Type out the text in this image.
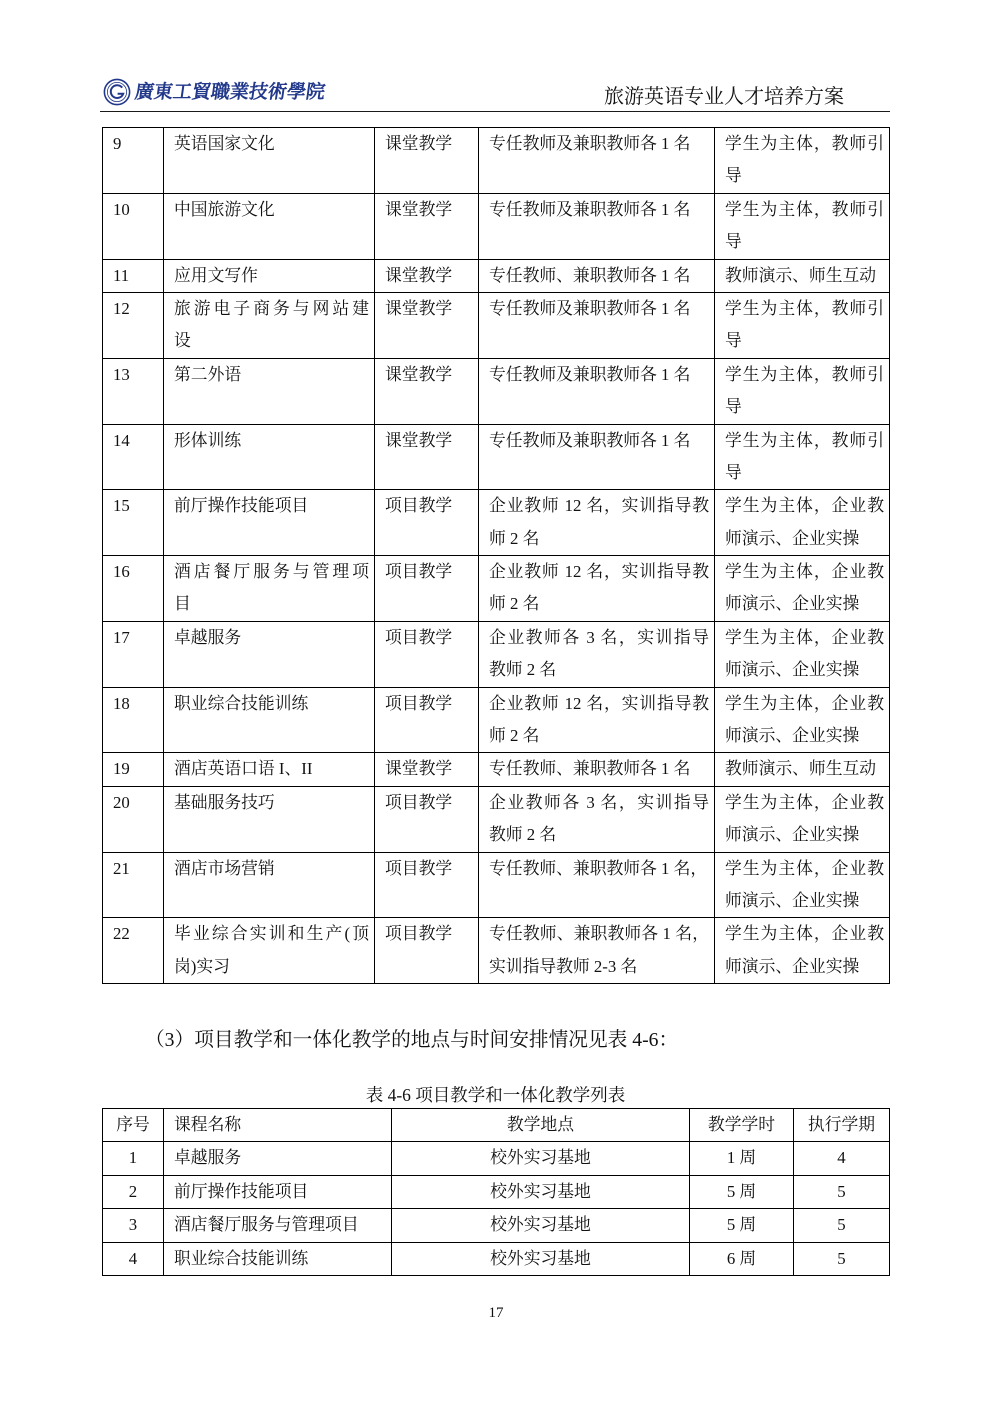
廣東工貿職業技術學院	旅游英语专业人才培养方案
9	英语国家文化	课堂教学	专任教师及兼职教师各 1 名	学生为主体，教师引
导

10	中国旅游文化	课堂教学	专任教师及兼职教师各 1 名	学生为主体，教师引
导

11	应用文写作	课堂教学	专任教师、兼职教师各 1 名	教师演示、师生互动

12	旅游电子商务与网站建
设	课堂教学	专任教师及兼职教师各 1 名	学生为主体，教师引
导

13	第二外语	课堂教学	专任教师及兼职教师各 1 名	学生为主体，教师引
导

14	形体训练	课堂教学	专任教师及兼职教师各 1 名	学生为主体，教师引
导

15	前厅操作技能项目	项目教学	企业教师 12 名，实训指导教
师 2 名	学生为主体，企业教
师演示、企业实操

16	酒店餐厅服务与管理项
目	项目教学	企业教师 12 名，实训指导教
师 2 名	学生为主体，企业教
师演示、企业实操

17	卓越服务	项目教学	企业教师各 3 名，实训指导
教师 2 名	学生为主体，企业教
师演示、企业实操

18	职业综合技能训练	项目教学	企业教师 12 名，实训指导教
师 2 名	学生为主体，企业教
师演示、企业实操

19	酒店英语口语 I、II	课堂教学	专任教师、兼职教师各 1 名	教师演示、师生互动

20	基础服务技巧	项目教学	企业教师各 3 名，实训指导
教师 2 名	学生为主体，企业教
师演示、企业实操

21	酒店市场营销	项目教学	专任教师、兼职教师各 1 名，	学生为主体，企业教
师演示、企业实操

22	毕业综合实训和生产(顶
岗)实习	项目教学	专任教师、兼职教师各 1 名，
实训指导教师 2-3 名	学生为主体，企业教
师演示、企业实操
（3）项目教学和一体化教学的地点与时间安排情况见表 4-6：
表 4-6 项目教学和一体化教学列表
序号	课程名称	教学地点	教学学时	执行学期
1	卓越服务	校外实习基地	1 周	4
2	前厅操作技能项目	校外实习基地	5 周	5
3	酒店餐厅服务与管理项目	校外实习基地	5 周	5
4	职业综合技能训练	校外实习基地	6 周	5
17
